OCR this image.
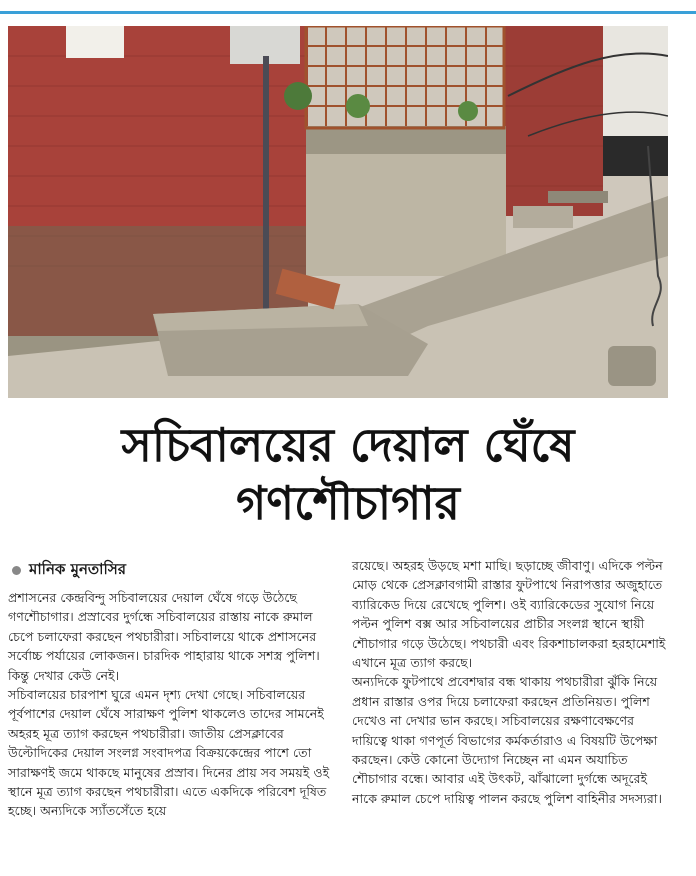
সচিবালয়ের দেয়াল ঘেঁষে
গণশৌচাগার
মানিক মুনতাসির

প্রশাসনের কেন্দ্রবিন্দু সচিবালয়ের দেয়াল ঘেঁষে গড়ে উঠেছে গণশৌচাগার। প্রস্রাবের দুর্গন্ধে সচিবালয়ের রাস্তায় নাকে রুমাল চেপে চলাফেরা করছেন পথচারীরা। সচিবালয়ে থাকে প্রশাসনের সর্বোচ্চ পর্যায়ের লোকজন। চারদিক পাহারায় থাকে সশস্ত্র পুলিশ। কিন্তু দেখার কেউ নেই।

সচিবালয়ের চারপাশ ঘুরে এমন দৃশ্য দেখা গেছে। সচিবালয়ের পূর্বপাশের দেয়াল ঘেঁষে সারাক্ষণ পুলিশ থাকলেও তাদের সামনেই অহরহ মূত্র ত্যাগ করছেন পথচারীরা। জাতীয় প্রেসক্লাবের উল্টোদিকের দেয়াল সংলগ্ন সংবাদপত্র বিক্রয়কেন্দ্রের পাশে তো সারাক্ষণই জমে থাকছে মানুষের প্রস্রাব। দিনের প্রায় সব সময়ই ওই স্থানে মূত্র ত্যাগ করছেন পথচারীরা। এতে একদিকে পরিবেশ দূষিত হচ্ছে। অন্যদিকে স্যাঁতসেঁতে হয়ে

রয়েছে। অহরহ উড়ছে মশা মাছি। ছড়াচ্ছে জীবাণু। এদিকে পল্টন মোড় থেকে প্রেসক্লাবগামী রাস্তার ফুটপাথে নিরাপত্তার অজুহাতে ব্যারিকেড দিয়ে রেখেছে পুলিশ। ওই ব্যারিকেডের সুযোগ নিয়ে পল্টন পুলিশ বক্স আর সচিবালয়ের প্রাচীর সংলগ্ন স্থানে স্থায়ী শৌচাগার গড়ে উঠেছে। পথচারী এবং রিকশাচালকরা হরহামেশাই এখানে মূত্র ত্যাগ করছে।

অন্যদিকে ফুটপাথে প্রবেশদ্বার বন্ধ থাকায় পথচারীরা ঝুঁকি নিয়ে প্রধান রাস্তার ওপর দিয়ে চলাফেরা করছেন প্রতিনিয়ত। পুলিশ দেখেও না দেখার ভান করছে। সচিবালয়ের রক্ষণাবেক্ষণের দায়িত্বে থাকা গণপূর্ত বিভাগের কর্মকর্তারাও এ বিষয়টি উপেক্ষা করছেন। কেউ কোনো উদ্যোগ নিচ্ছেন না এমন অযাচিত শৌচাগার বন্ধে। আবার এই উৎকট, ঝাঁঝালো দুর্গন্ধে অদূরেই নাকে রুমাল চেপে দায়িত্ব পালন করছে পুলিশ বাহিনীর সদস্যরা।
